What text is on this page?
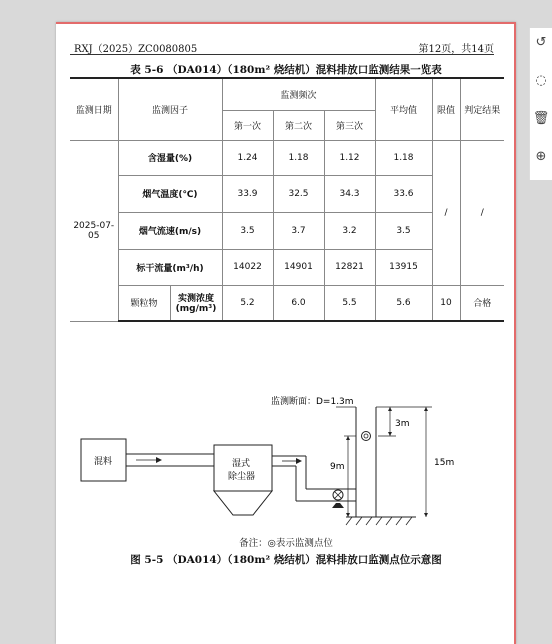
RXJ（2025）ZC0080805	第12页，共14页
表 5-6 （DA014）（180m² 烧结机）混料排放口监测结果一览表
监测日期	监测因子		监测频次			平均值	限值	判定结果
			第一次	第二次	第三次			
2025-07-05	含湿量(%)		1.24	1.18	1.12	1.18	/	/
	烟气温度(℃)		33.9	32.5	34.3	33.6		
	烟气流速(m/s)		3.5	3.7	3.2	3.5		
	标干流量(m³/h)		14022	14901	12821	13915		
	颗粒物	实测浓度
(mg/m³)	5.2	6.0	5.5	5.6	10	合格
监测断面：D=1.3m
混料	湿式
除尘器
3m
9m	15m
备注：◎表示监测点位
图 5-5 （DA014）（180m² 烧结机）混料排放口监测点位示意图
↺
◌
🗑
⊕
